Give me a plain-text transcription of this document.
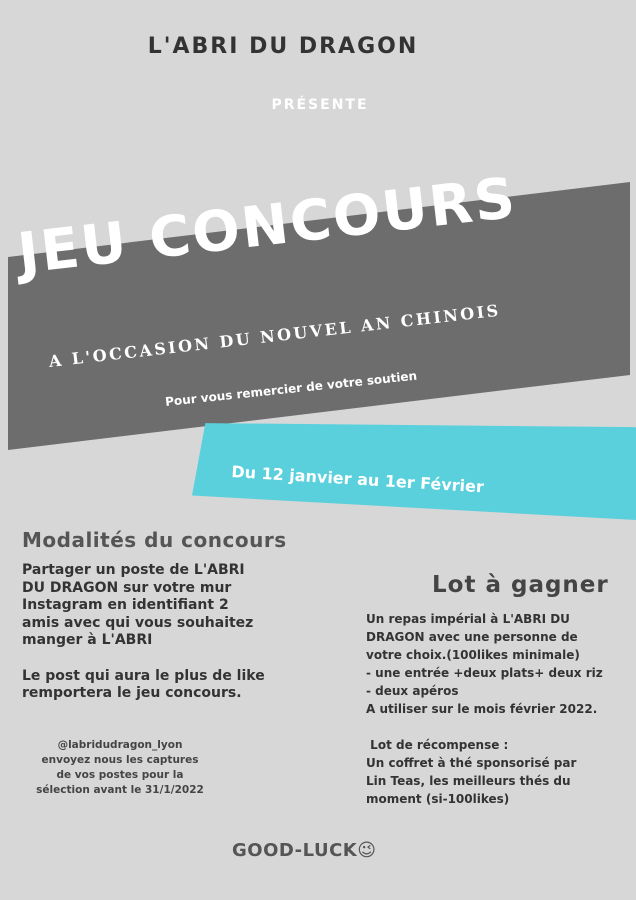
L'ABRI DU DRAGON
PRÉSENTE
JEU CONCOURS
A L'OCCASION DU NOUVEL AN CHINOIS
Pour vous remercier de votre soutien
Du 12 janvier au 1er Février
Modalités du concours

Partager un poste de L'ABRI
DU DRAGON sur votre mur
Instagram en identifiant 2
amis avec qui vous souhaitez
manger à L'ABRI

Le post qui aura le plus de like
remportera le jeu concours.

@labridudragon_lyon
envoyez nous les captures
de vos postes pour la
sélection avant le 31/1/2022
Lot à gagner
Un repas impérial à L'ABRI DU
DRAGON avec une personne de
votre choix.(100likes minimale)
- une entrée +deux plats+ deux riz
- deux apéros
A utiliser sur le mois février 2022.
Lot de récompense :
Un coffret à thé sponsorisé par
Lin Teas, les meilleurs thés du
moment (si-100likes)
GOOD-LUCK😉
